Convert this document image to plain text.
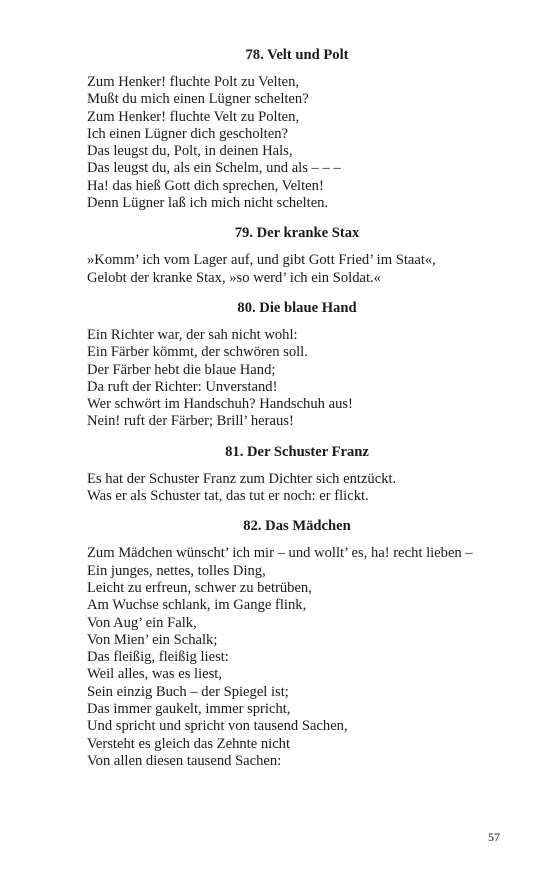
78. Velt und Polt
Zum Henker! fluchte Polt zu Velten,
Mußt du mich einen Lügner schelten?
Zum Henker! fluchte Velt zu Polten,
Ich einen Lügner dich gescholten?
Das leugst du, Polt, in deinen Hals,
Das leugst du, als ein Schelm, und als – – –
Ha! das hieß Gott dich sprechen, Velten!
Denn Lügner laß ich mich nicht schelten.
79. Der kranke Stax
»Komm’ ich vom Lager auf, und gibt Gott Fried’ im Staat«,
Gelobt der kranke Stax, »so werd’ ich ein Soldat.«
80. Die blaue Hand
Ein Richter war, der sah nicht wohl:
Ein Färber kömmt, der schwören soll.
Der Färber hebt die blaue Hand;
Da ruft der Richter: Unverstand!
Wer schwört im Handschuh? Handschuh aus!
Nein! ruft der Färber; Brill’ heraus!
81. Der Schuster Franz
Es hat der Schuster Franz zum Dichter sich entzückt.
Was er als Schuster tat, das tut er noch: er flickt.
82. Das Mädchen
Zum Mädchen wünscht’ ich mir – und wollt’ es, ha! recht lieben –
Ein junges, nettes, tolles Ding,
Leicht zu erfreun, schwer zu betrüben,
Am Wuchse schlank, im Gange flink,
Von Aug’ ein Falk,
Von Mien’ ein Schalk;
Das fleißig, fleißig liest:
Weil alles, was es liest,
Sein einzig Buch – der Spiegel ist;
Das immer gaukelt, immer spricht,
Und spricht und spricht von tausend Sachen,
Versteht es gleich das Zehnte nicht
Von allen diesen tausend Sachen:
57
